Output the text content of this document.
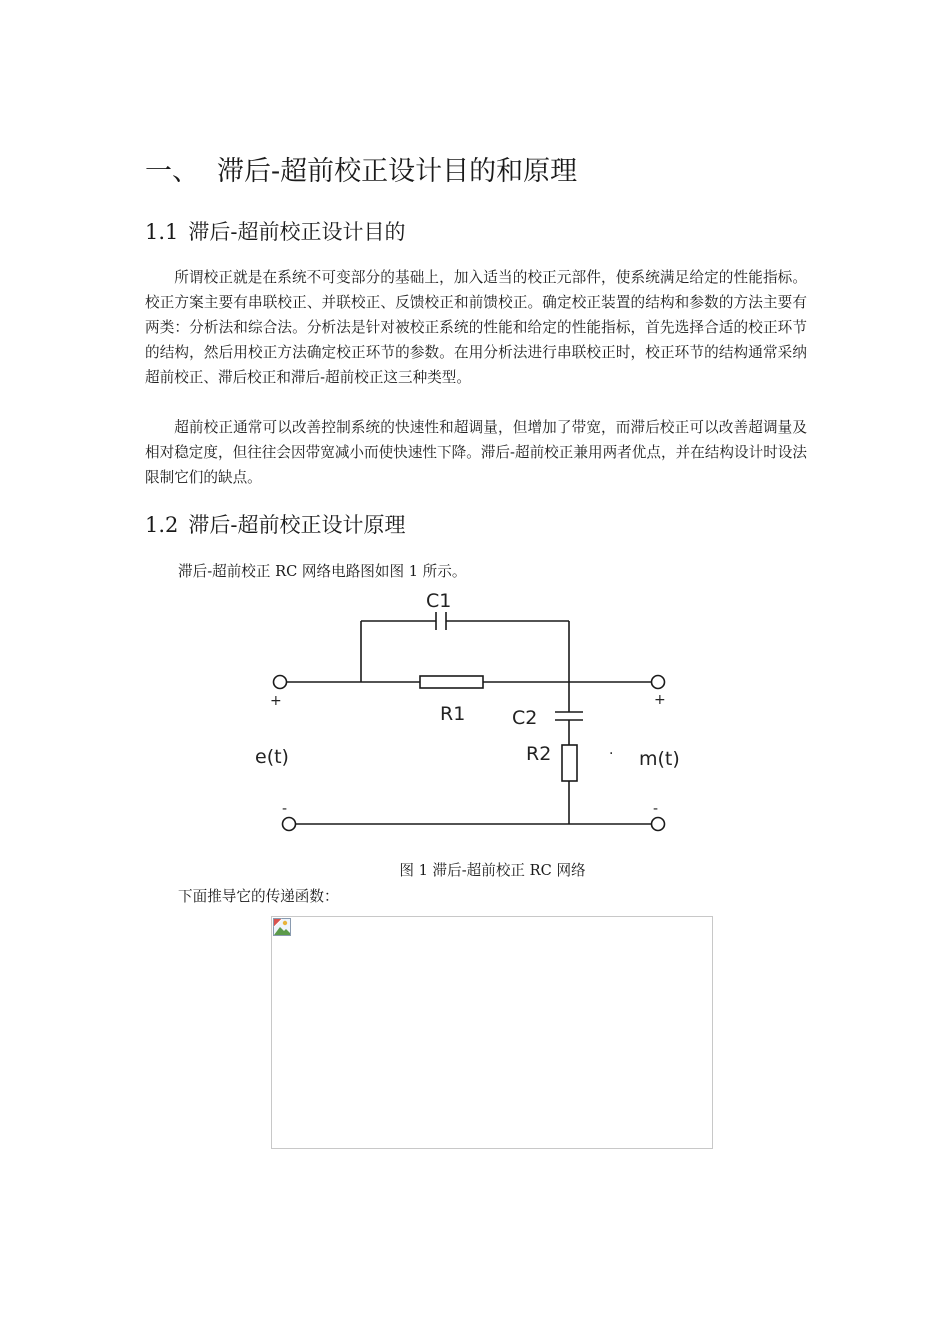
一、 滞后-超前校正设计目的和原理
1.1 滞后-超前校正设计目的

所谓校正就是在系统不可变部分的基础上，加入适当的校正元部件，使系统满足给定的性能指标。校正方案主要有串联校正、并联校正、反馈校正和前馈校正。确定校正装置的结构和参数的方法主要有两类：分析法和综合法。分析法是针对被校正系统的性能和给定的性能指标，首先选择合适的校正环节的结构，然后用校正方法确定校正环节的参数。在用分析法进行串联校正时，校正环节的结构通常采纳超前校正、滞后校正和滞后-超前校正这三种类型。

超前校正通常可以改善控制系统的快速性和超调量，但增加了带宽，而滞后校正可以改善超调量及相对稳定度，但往往会因带宽减小而使快速性下降。滞后-超前校正兼用两者优点，并在结构设计时设法限制它们的缺点。

1.2 滞后-超前校正设计原理
滞后-超前校正 RC 网络电路图如图 1 所示。
C1
R1 C2
R2
e(t)	m(t)
·
+	+
-	-
图 1 滞后-超前校正 RC 网络
下面推导它的传递函数：
